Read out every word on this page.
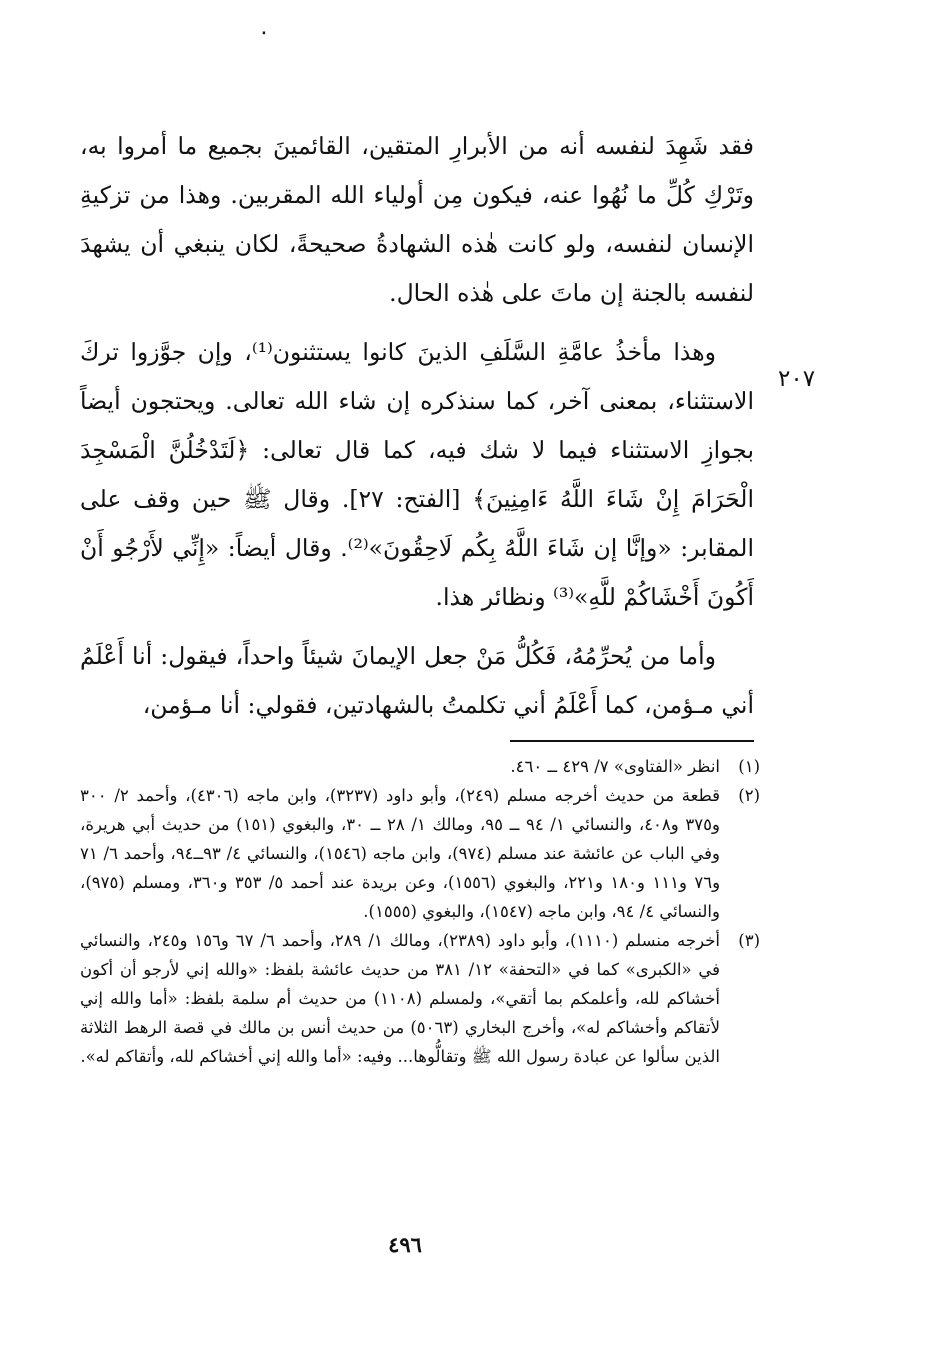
٠

فقد شَهِدَ لنفسه أنه من الأبرارِ المتقين، القائمينَ بجميع ما أمروا به، وتَرْكِ كُلِّ ما نُهُوا عنه، فيكون مِن أولياء الله المقربين. وهذا من تزكيةِ الإنسان لنفسه، ولو كانت هٰذه الشهادةُ صحيحةً، لكان ينبغي أن يشهدَ لنفسه بالجنة إن ماتَ على هٰذه الحال.

وهذا مأخذُ عامَّةِ السَّلَفِ الذينَ كانوا يستثنون⁽¹⁾، وإن جوَّزوا تركَ الاستثناء، بمعنى آخر، كما سنذكره إن شاء الله تعالى. ويحتجون أيضاً بجوازِ الاستثناء فيما لا شك فيه، كما قال تعالى: ﴿لَتَدْخُلُنَّ الْمَسْجِدَ الْحَرَامَ إِنْ شَاءَ اللَّهُ ءَامِنِينَ﴾ [الفتح: ٢٧]. وقال ﷺ حين وقف على المقابر: «وإنَّا إن شَاءَ اللَّهُ بِكُم لَاحِقُونَ»⁽²⁾. وقال أيضاً: «إِنِّي لأَرْجُو أَنْ أَكُونَ أَخْشَاكُمْ للَّهِ»⁽³⁾ ونظائر هذا.

وأما من يُحرِّمُهُ، فَكُلُّ مَنْ جعل الإيمانَ شيئاً واحداً، فيقول: أنا أَعْلَمُ أني مـؤمن، كما أَعْلَمُ أني تكلمتُ بالشهادتين، فقولي: أنا مـؤمن،

٢٠٧
(١)
انظر «الفتاوى» ٧/ ٤٢٩ ــ ٤٦٠.
(٢)
قطعة من حديث أخرجه مسلم (٢٤٩)، وأبو داود (٣٢٣٧)، وابن ماجه (٤٣٠٦)، وأحمد ٢/ ٣٠٠ و٣٧٥ و٤٠٨، والنسائي ١/ ٩٤ ــ ٩٥، ومالك ١/ ٢٨ ــ ٣٠، والبغوي (١٥١) من حديث أبي هريرة، وفي الباب عن عائشة عند مسلم (٩٧٤)، وابن ماجه (١٥٤٦)، والنسائي ٤/ ٩٣ــ٩٤، وأحمد ٦/ ٧١ و٧٦ و١١١ و١٨٠ و٢٢١، والبغوي (١٥٥٦)، وعن بريدة عند أحمد ٥/ ٣٥٣ و٣٦٠، ومسلم (٩٧٥)، والنسائي ٤/ ٩٤، وابن ماجه (١٥٤٧)، والبغوي (١٥٥٥).
(٣)
أخرجه منسلم (١١١٠)، وأبو داود (٢٣٨٩)، ومالك ١/ ٢٨٩، وأحمد ٦/ ٦٧ و١٥٦ و٢٤٥، والنسائي في «الكبرى» كما في «التحفة» ١٢/ ٣٨١ من حديث عائشة بلفظ: «والله إني لأرجو أن أكون أخشاكم لله، وأعلمكم بما أتقي»، ولمسلم (١١٠٨) من حديث أم سلمة بلفظ: «أما والله إني لأتقاكم وأخشاكم له»، وأخرج البخاري (٥٠٦٣) من حديث أنس بن مالك في قصة الرهط الثلاثة الذين سألوا عن عبادة رسول الله ﷺ وتقالُّوها... وفيه: «أما والله إني أخشاكم لله، وأتقاكم له».
٤٩٦
